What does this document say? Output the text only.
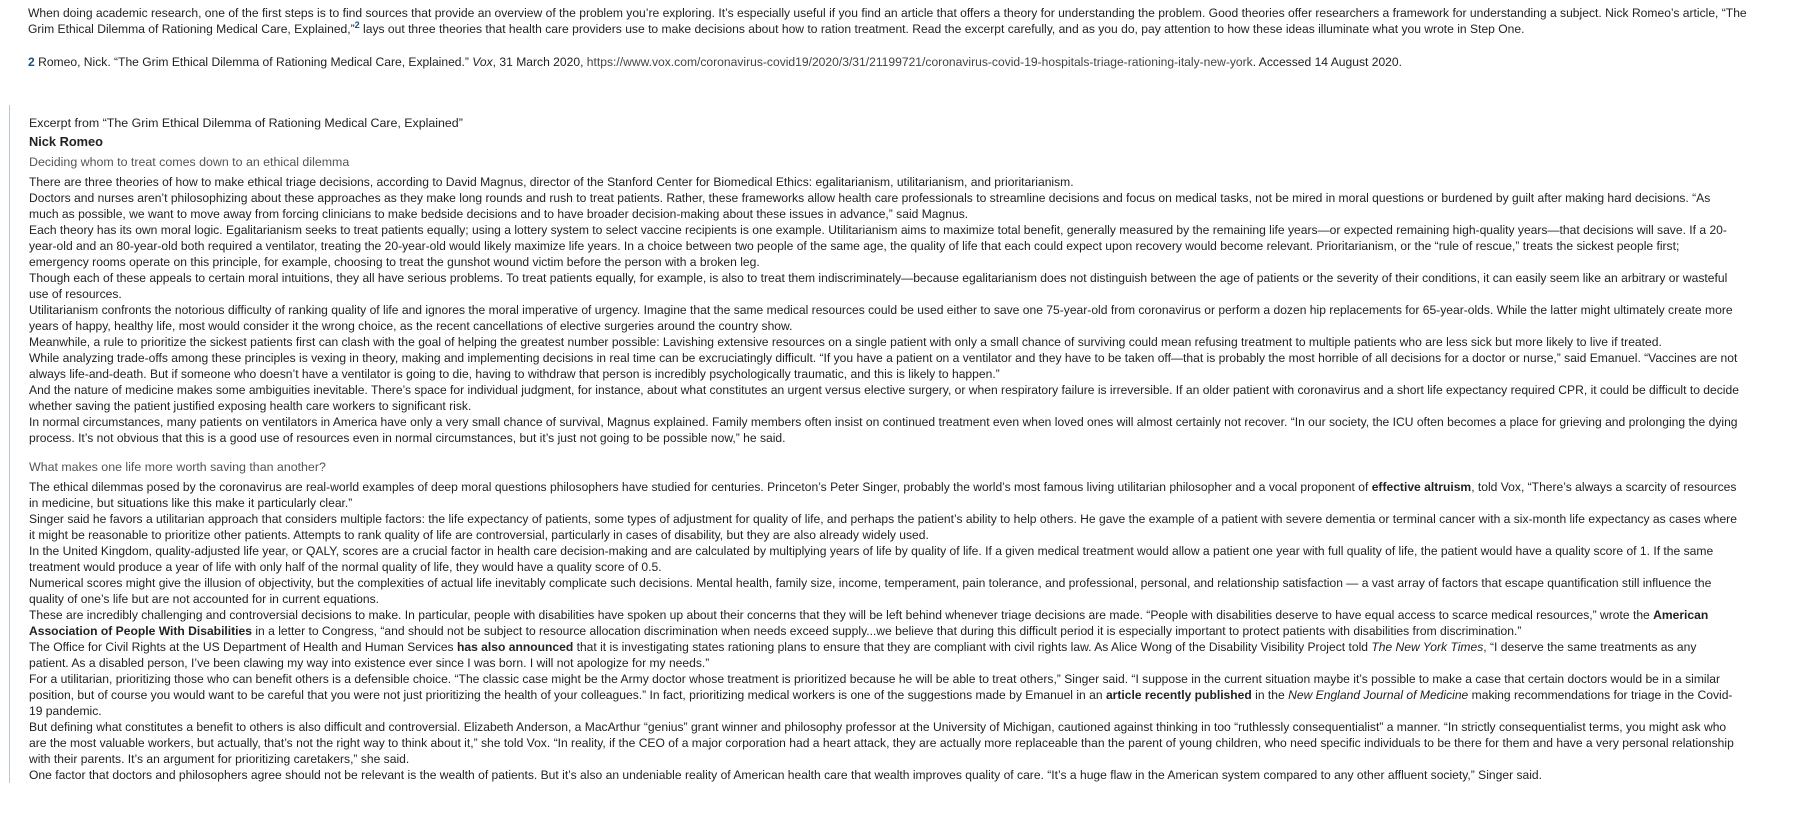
When doing academic research, one of the first steps is to find sources that provide an overview of the problem you’re exploring. It’s especially useful if you find an article that offers a theory for understanding the problem. Good theories offer researchers a framework for understanding a subject. Nick Romeo’s article, “The Grim Ethical Dilemma of Rationing Medical Care, Explained,”$^2$ lays out three theories that health care providers use to make decisions about how to ration treatment. Read the excerpt carefully, and as you do, pay attention to how these ideas illuminate what you wrote in Step One.

2 Romeo, Nick. “The Grim Ethical Dilemma of Rationing Medical Care, Explained.” Vox, 31 March 2020, https://www.vox.com/coronavirus-covid19/2020/3/31/21199721/coronavirus-covid-19-hospitals-triage-rationing-italy-new-york. Accessed 14 August 2020.

Excerpt from “The Grim Ethical Dilemma of Rationing Medical Care, Explained”
Nick Romeo
Deciding whom to treat comes down to an ethical dilemma

There are three theories of how to make ethical triage decisions, according to David Magnus, director of the Stanford Center for Biomedical Ethics: egalitarianism, utilitarianism, and prioritarianism.

Doctors and nurses aren’t philosophizing about these approaches as they make long rounds and rush to treat patients. Rather, these frameworks allow health care professionals to streamline decisions and focus on medical tasks, not be mired in moral questions or burdened by guilt after making hard decisions. “As much as possible, we want to move away from forcing clinicians to make bedside decisions and to have broader decision-making about these issues in advance,” said Magnus.

Each theory has its own moral logic. Egalitarianism seeks to treat patients equally; using a lottery system to select vaccine recipients is one example. Utilitarianism aims to maximize total benefit, generally measured by the remaining life years—or expected remaining high-quality years—that decisions will save. If a 20-year-old and an 80-year-old both required a ventilator, treating the 20-year-old would likely maximize life years. In a choice between two people of the same age, the quality of life that each could expect upon recovery would become relevant. Prioritarianism, or the “rule of rescue,” treats the sickest people first; emergency rooms operate on this principle, for example, choosing to treat the gunshot wound victim before the person with a broken leg.

Though each of these appeals to certain moral intuitions, they all have serious problems. To treat patients equally, for example, is also to treat them indiscriminately—because egalitarianism does not distinguish between the age of patients or the severity of their conditions, it can easily seem like an arbitrary or wasteful use of resources.

Utilitarianism confronts the notorious difficulty of ranking quality of life and ignores the moral imperative of urgency. Imagine that the same medical resources could be used either to save one 75-year-old from coronavirus or perform a dozen hip replacements for 65-year-olds. While the latter might ultimately create more years of happy, healthy life, most would consider it the wrong choice, as the recent cancellations of elective surgeries around the country show.

Meanwhile, a rule to prioritize the sickest patients first can clash with the goal of helping the greatest number possible: Lavishing extensive resources on a single patient with only a small chance of surviving could mean refusing treatment to multiple patients who are less sick but more likely to live if treated.

While analyzing trade-offs among these principles is vexing in theory, making and implementing decisions in real time can be excruciatingly difficult. “If you have a patient on a ventilator and they have to be taken off—that is probably the most horrible of all decisions for a doctor or nurse,” said Emanuel. “Vaccines are not always life-and-death. But if someone who doesn’t have a ventilator is going to die, having to withdraw that person is incredibly psychologically traumatic, and this is likely to happen.”

And the nature of medicine makes some ambiguities inevitable. There’s space for individual judgment, for instance, about what constitutes an urgent versus elective surgery, or when respiratory failure is irreversible. If an older patient with coronavirus and a short life expectancy required CPR, it could be difficult to decide whether saving the patient justified exposing health care workers to significant risk.

In normal circumstances, many patients on ventilators in America have only a very small chance of survival, Magnus explained. Family members often insist on continued treatment even when loved ones will almost certainly not recover. “In our society, the ICU often becomes a place for grieving and prolonging the dying process. It’s not obvious that this is a good use of resources even in normal circumstances, but it’s just not going to be possible now,” he said.

What makes one life more worth saving than another?

The ethical dilemmas posed by the coronavirus are real-world examples of deep moral questions philosophers have studied for centuries. Princeton’s Peter Singer, probably the world’s most famous living utilitarian philosopher and a vocal proponent of effective altruism, told Vox, “There’s always a scarcity of resources in medicine, but situations like this make it particularly clear.”

Singer said he favors a utilitarian approach that considers multiple factors: the life expectancy of patients, some types of adjustment for quality of life, and perhaps the patient’s ability to help others. He gave the example of a patient with severe dementia or terminal cancer with a six-month life expectancy as cases where it might be reasonable to prioritize other patients. Attempts to rank quality of life are controversial, particularly in cases of disability, but they are also already widely used.

In the United Kingdom, quality-adjusted life year, or QALY, scores are a crucial factor in health care decision-making and are calculated by multiplying years of life by quality of life. If a given medical treatment would allow a patient one year with full quality of life, the patient would have a quality score of 1. If the same treatment would produce a year of life with only half of the normal quality of life, they would have a quality score of 0.5.

Numerical scores might give the illusion of objectivity, but the complexities of actual life inevitably complicate such decisions. Mental health, family size, income, temperament, pain tolerance, and professional, personal, and relationship satisfaction — a vast array of factors that escape quantification still influence the quality of one’s life but are not accounted for in current equations.

These are incredibly challenging and controversial decisions to make. In particular, people with disabilities have spoken up about their concerns that they will be left behind whenever triage decisions are made. “People with disabilities deserve to have equal access to scarce medical resources,” wrote the American Association of People With Disabilities in a letter to Congress, “and should not be subject to resource allocation discrimination when needs exceed supply...we believe that during this difficult period it is especially important to protect patients with disabilities from discrimination.”

The Office for Civil Rights at the US Department of Health and Human Services has also announced that it is investigating states rationing plans to ensure that they are compliant with civil rights law. As Alice Wong of the Disability Visibility Project told The New York Times, “I deserve the same treatments as any patient. As a disabled person, I’ve been clawing my way into existence ever since I was born. I will not apologize for my needs.”

For a utilitarian, prioritizing those who can benefit others is a defensible choice. “The classic case might be the Army doctor whose treatment is prioritized because he will be able to treat others,” Singer said. “I suppose in the current situation maybe it’s possible to make a case that certain doctors would be in a similar position, but of course you would want to be careful that you were not just prioritizing the health of your colleagues.” In fact, prioritizing medical workers is one of the suggestions made by Emanuel in an article recently published in the New England Journal of Medicine making recommendations for triage in the Covid-19 pandemic.

But defining what constitutes a benefit to others is also difficult and controversial. Elizabeth Anderson, a MacArthur “genius” grant winner and philosophy professor at the University of Michigan, cautioned against thinking in too “ruthlessly consequentialist” a manner. “In strictly consequentialist terms, you might ask who are the most valuable workers, but actually, that’s not the right way to think about it,” she told Vox. “In reality, if the CEO of a major corporation had a heart attack, they are actually more replaceable than the parent of young children, who need specific individuals to be there for them and have a very personal relationship with their parents. It’s an argument for prioritizing caretakers,” she said.

One factor that doctors and philosophers agree should not be relevant is the wealth of patients. But it’s also an undeniable reality of American health care that wealth improves quality of care. “It’s a huge flaw in the American system compared to any other affluent society,” Singer said.
